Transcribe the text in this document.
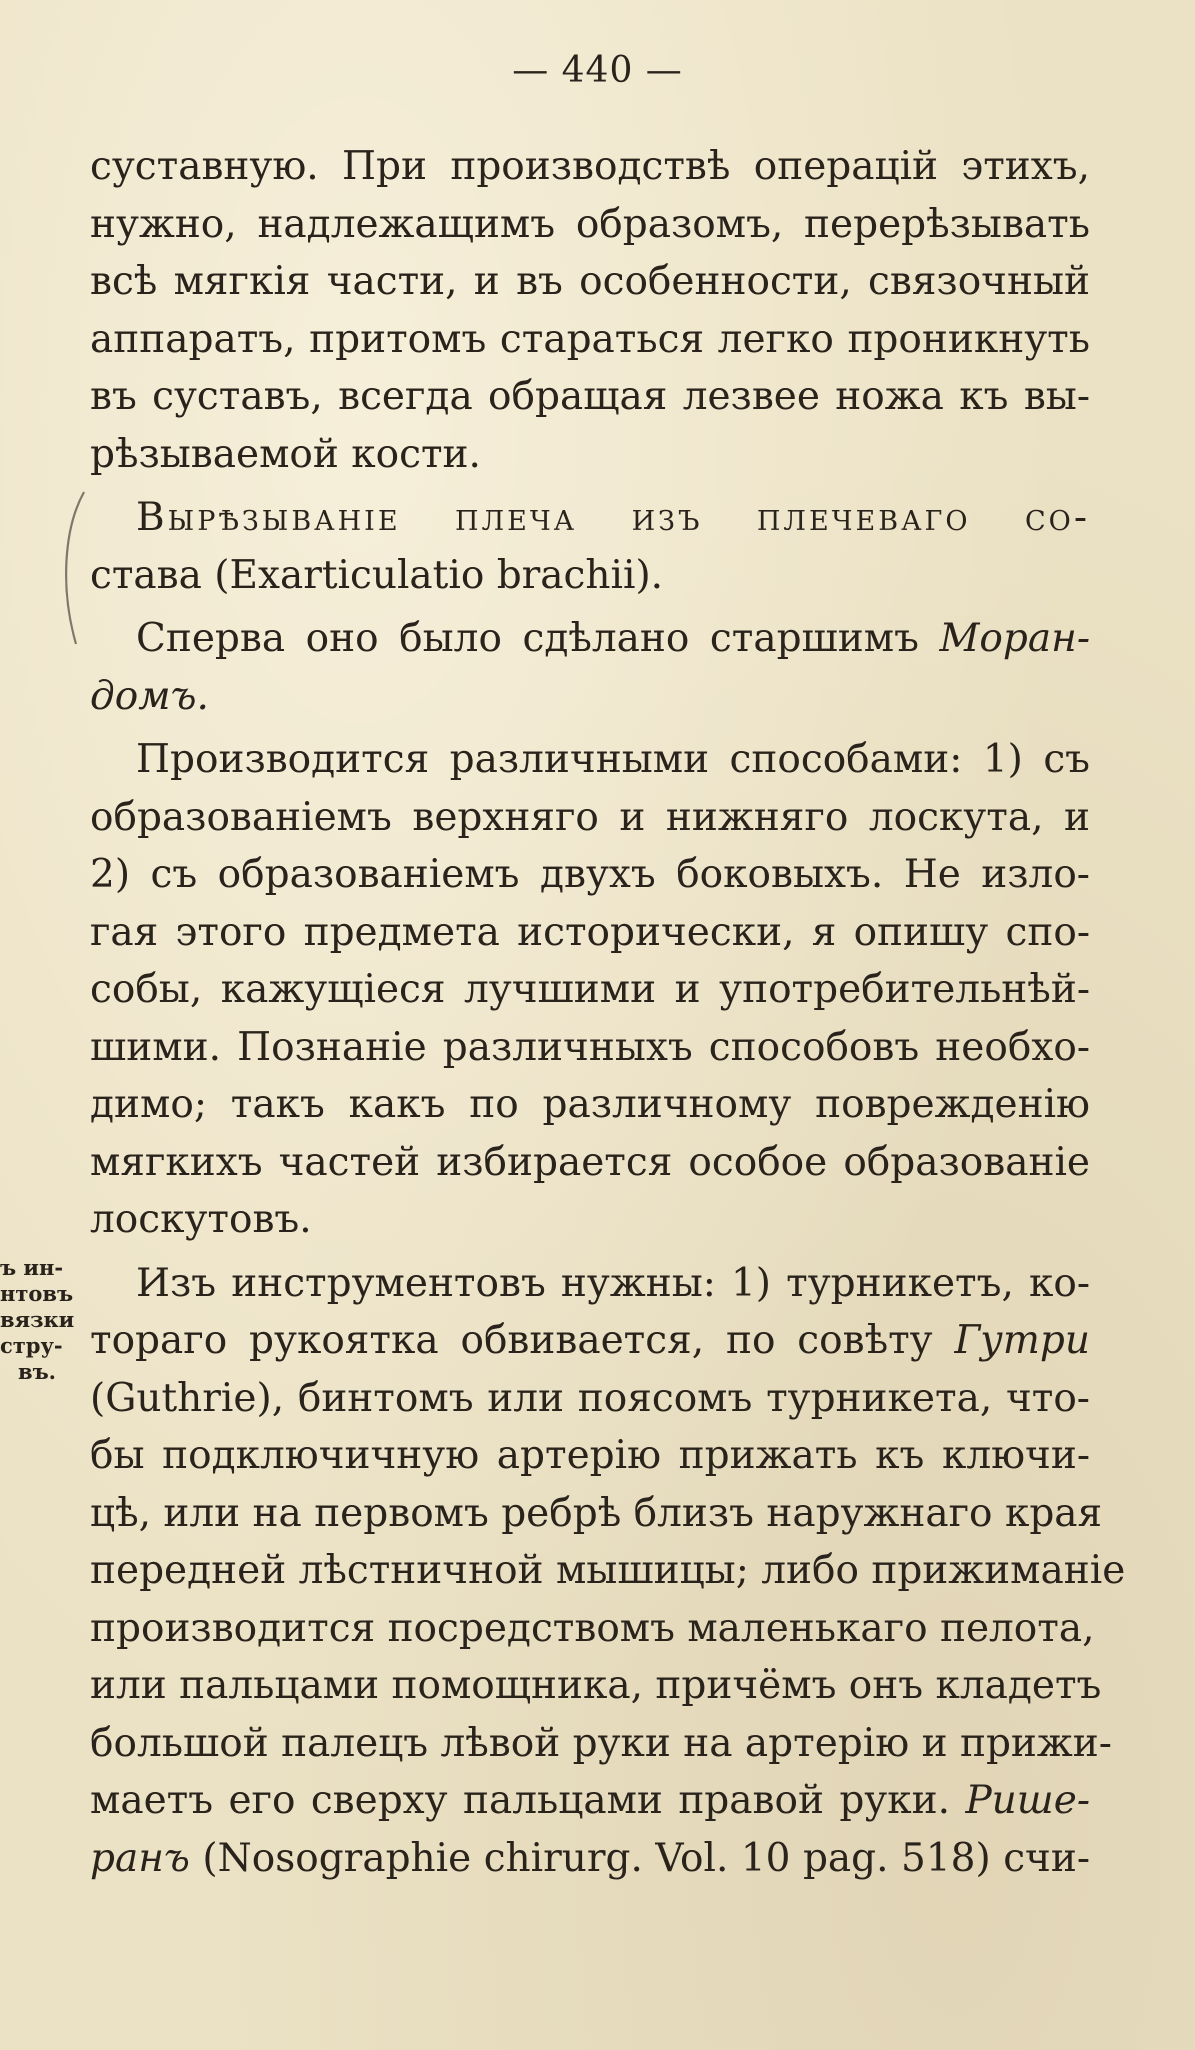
— 440 —
ъ ин-
нтовъ
вязки
стру-
въ.
суставную. При производствѣ операцій этихъ,
нужно, надлежащимъ образомъ, перерѣзывать
всѣ мягкія части, и въ особенности, связочный
аппаратъ, притомъ стараться легко проникнуть
въ суставъ, всегда обращая лезвее ножа къ вы-
рѣзываемой кости.
Вырѣзываніе плеча изъ плечеваго со-
става (Exarticulatio brachii).
Сперва оно было сдѣлано старшимъ Моран-
домъ.
Производится различными способами: 1) съ
образованіемъ верхняго и нижняго лоскута, и
2) съ образованіемъ двухъ боковыхъ. Не изло-
гая этого предмета исторически, я опишу спо-
собы, кажущіеся лучшими и употребительнѣй-
шими. Познаніе различныхъ способовъ необхо-
димо; такъ какъ по различному поврежденію
мягкихъ частей избирается особое образованіе
лоскутовъ.
Изъ инструментовъ нужны: 1) турникетъ, ко-
тораго рукоятка обвивается, по совѣту Гутри
(Guthrie), бинтомъ или поясомъ турникета, что-
бы подключичную артерію прижать къ ключи-
цѣ, или на первомъ ребрѣ близъ наружнаго края
передней лѣстничной мышицы; либо прижиманіе
производится посредствомъ маленькаго пелота,
или пальцами помощника, причёмъ онъ кладетъ
большой палецъ лѣвой руки на артерію и прижи-
маетъ его сверху пальцами правой руки. Рише-
ранъ (Nosographie chirurg. Vol. 10 pag. 518) счи-
